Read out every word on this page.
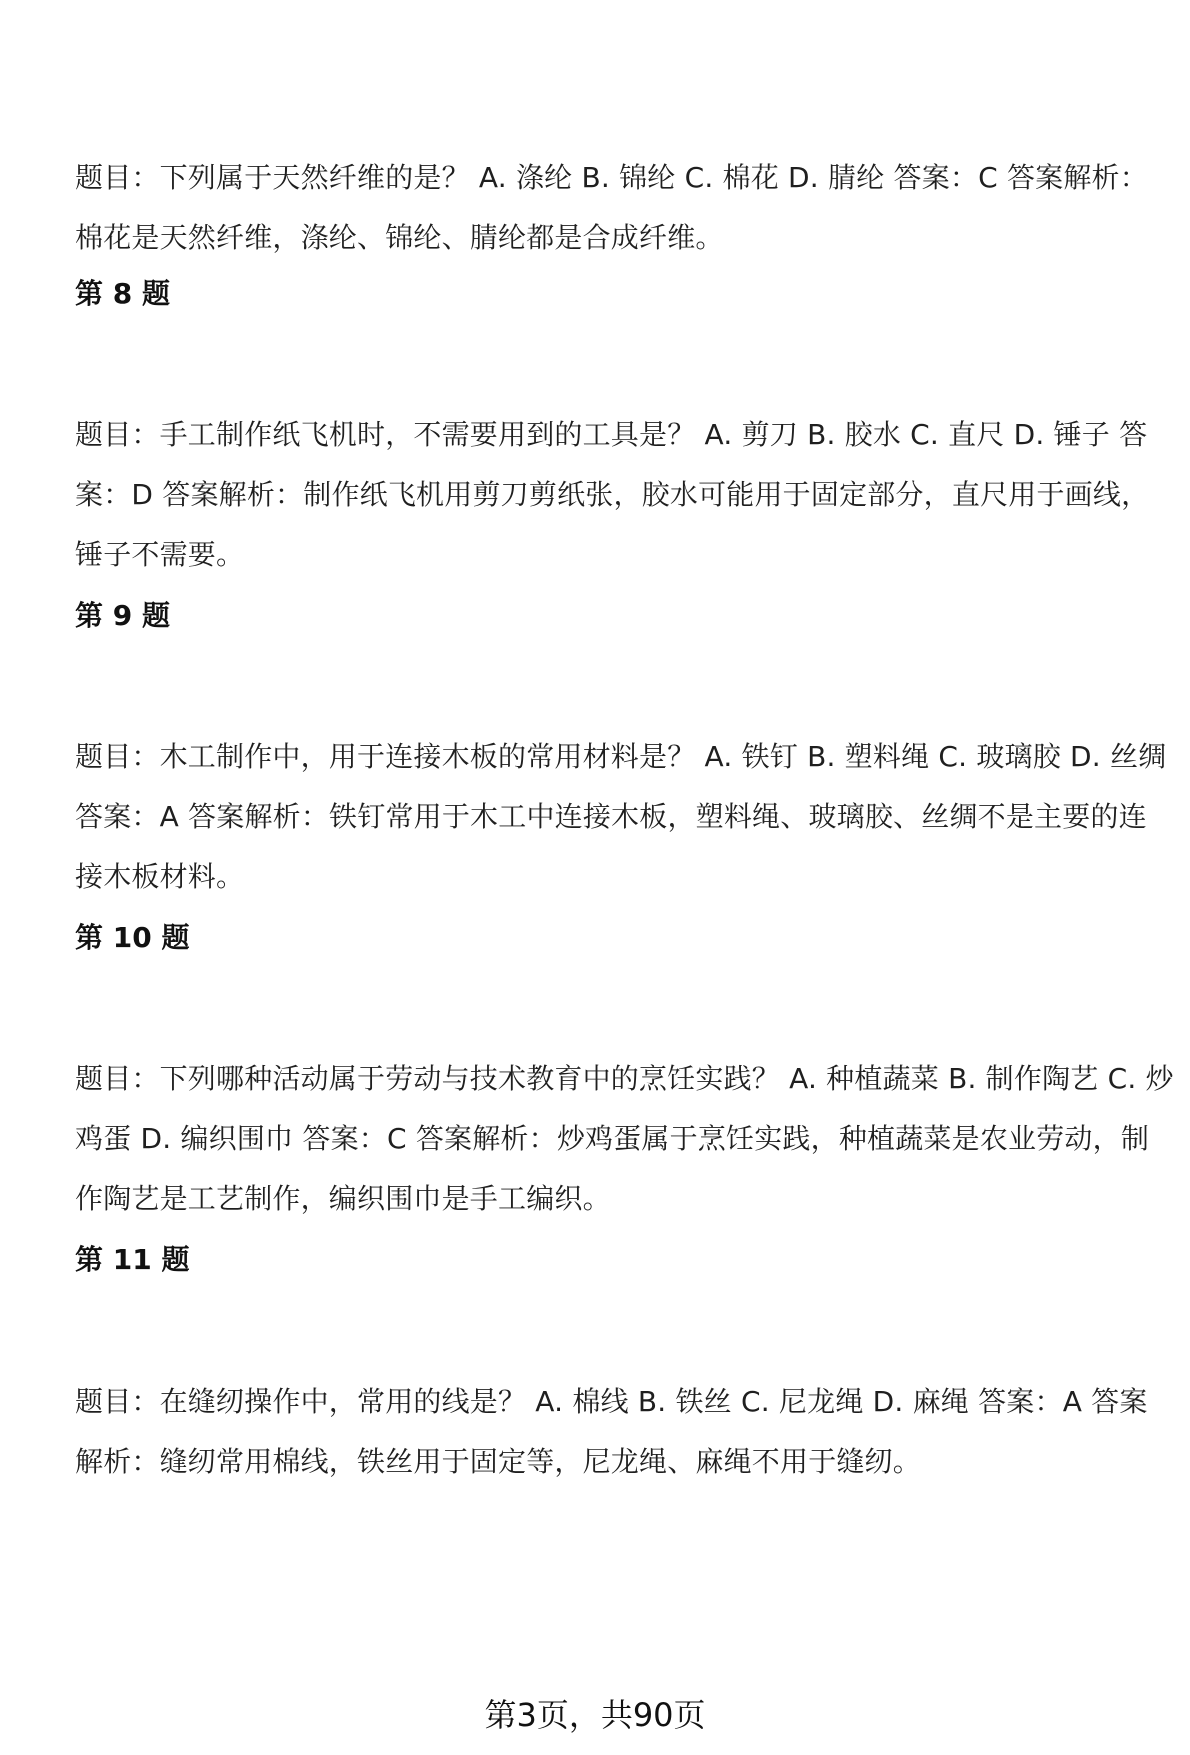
题目：下列属于天然纤维的是？ A. 涤纶 B. 锦纶 C. 棉花 D. 腈纶 答案：C 答案解析：棉花是天然纤维，涤纶、锦纶、腈纶都是合成纤维。
第 8 题
题目：手工制作纸飞机时，不需要用到的工具是？ A. 剪刀 B. 胶水 C. 直尺 D. 锤子 答案：D 答案解析：制作纸飞机用剪刀剪纸张，胶水可能用于固定部分，直尺用于画线，锤子不需要。
第 9 题
题目：木工制作中，用于连接木板的常用材料是？ A. 铁钉 B. 塑料绳 C. 玻璃胶 D. 丝绸 答案：A 答案解析：铁钉常用于木工中连接木板，塑料绳、玻璃胶、丝绸不是主要的连接木板材料。
第 10 题
题目：下列哪种活动属于劳动与技术教育中的烹饪实践？ A. 种植蔬菜 B. 制作陶艺 C. 炒鸡蛋 D. 编织围巾 答案：C 答案解析：炒鸡蛋属于烹饪实践，种植蔬菜是农业劳动，制作陶艺是工艺制作，编织围巾是手工编织。
第 11 题
题目：在缝纫操作中，常用的线是？ A. 棉线 B. 铁丝 C. 尼龙绳 D. 麻绳 答案：A 答案解析：缝纫常用棉线，铁丝用于固定等，尼龙绳、麻绳不用于缝纫。
第3页，共90页
